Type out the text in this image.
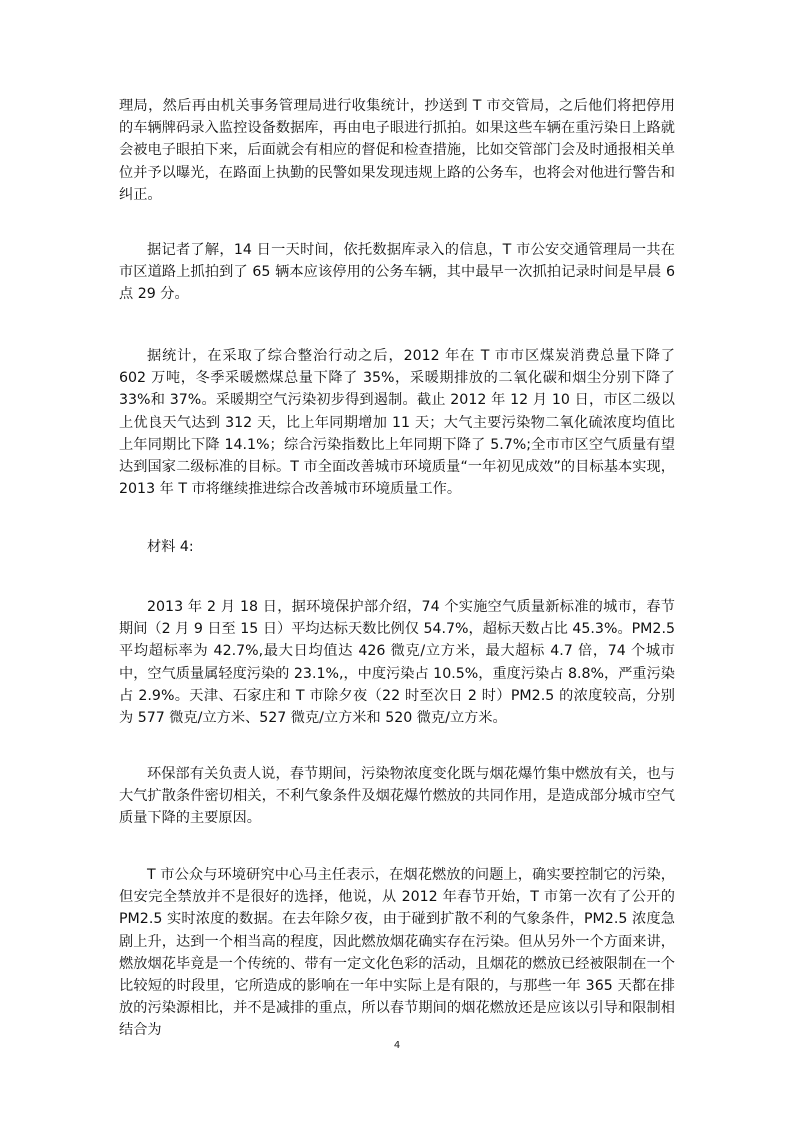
理局，然后再由机关事务管理局进行收集统计，抄送到 T 市交管局，之后他们将把停用的车辆牌码录入监控设备数据库，再由电子眼进行抓拍。如果这些车辆在重污染日上路就会被电子眼拍下来，后面就会有相应的督促和检查措施，比如交管部门会及时通报相关单位并予以曝光，在路面上执勤的民警如果发现违规上路的公务车，也将会对他进行警告和纠正。

据记者了解，14 日一天时间，依托数据库录入的信息，T 市公安交通管理局一共在市区道路上抓拍到了 65 辆本应该停用的公务车辆，其中最早一次抓拍记录时间是早晨 6 点 29 分。

据统计，在采取了综合整治行动之后，2012 年在 T 市市区煤炭消费总量下降了 602 万吨，冬季采暖燃煤总量下降了 35%，采暖期排放的二氧化碳和烟尘分别下降了 33%和 37%。采暖期空气污染初步得到遏制。截止 2012 年 12 月 10 日，市区二级以上优良天气达到 312 天，比上年同期增加 11 天；大气主要污染物二氧化硫浓度均值比上年同期比下降 14.1%；综合污染指数比上年同期下降了 5.7%;全市市区空气质量有望达到国家二级标准的目标。T 市全面改善城市环境质量“一年初见成效”的目标基本实现，2013 年 T 市将继续推进综合改善城市环境质量工作。

材料 4:

2013 年 2 月 18 日，据环境保护部介绍，74 个实施空气质量新标准的城市，春节期间（2 月 9 日至 15 日）平均达标天数比例仅 54.7%，超标天数占比 45.3%。PM2.5 平均超标率为 42.7%,最大日均值达 426 微克/立方米，最大超标 4.7 倍，74 个城市中，空气质量属轻度污染的 23.1%,，中度污染占 10.5%，重度污染占 8.8%，严重污染占 2.9%。天津、石家庄和 T 市除夕夜（22 时至次日 2 时）PM2.5 的浓度较高，分别为 577 微克/立方米、527 微克/立方米和 520 微克/立方米。

环保部有关负责人说，春节期间，污染物浓度变化既与烟花爆竹集中燃放有关，也与大气扩散条件密切相关，不利气象条件及烟花爆竹燃放的共同作用，是造成部分城市空气质量下降的主要原因。

T 市公众与环境研究中心马主任表示，在烟花燃放的问题上，确实要控制它的污染，但安完全禁放并不是很好的选择，他说，从 2012 年春节开始，T 市第一次有了公开的 PM2.5 实时浓度的数据。在去年除夕夜，由于碰到扩散不利的气象条件，PM2.5 浓度急剧上升，达到一个相当高的程度，因此燃放烟花确实存在污染。但从另外一个方面来讲，燃放烟花毕竟是一个传统的、带有一定文化色彩的活动，且烟花的燃放已经被限制在一个比较短的时段里，它所造成的影响在一年中实际上是有限的，与那些一年 365 天都在排放的污染源相比，并不是减排的重点，所以春节期间的烟花燃放还是应该以引导和限制相结合为

4
